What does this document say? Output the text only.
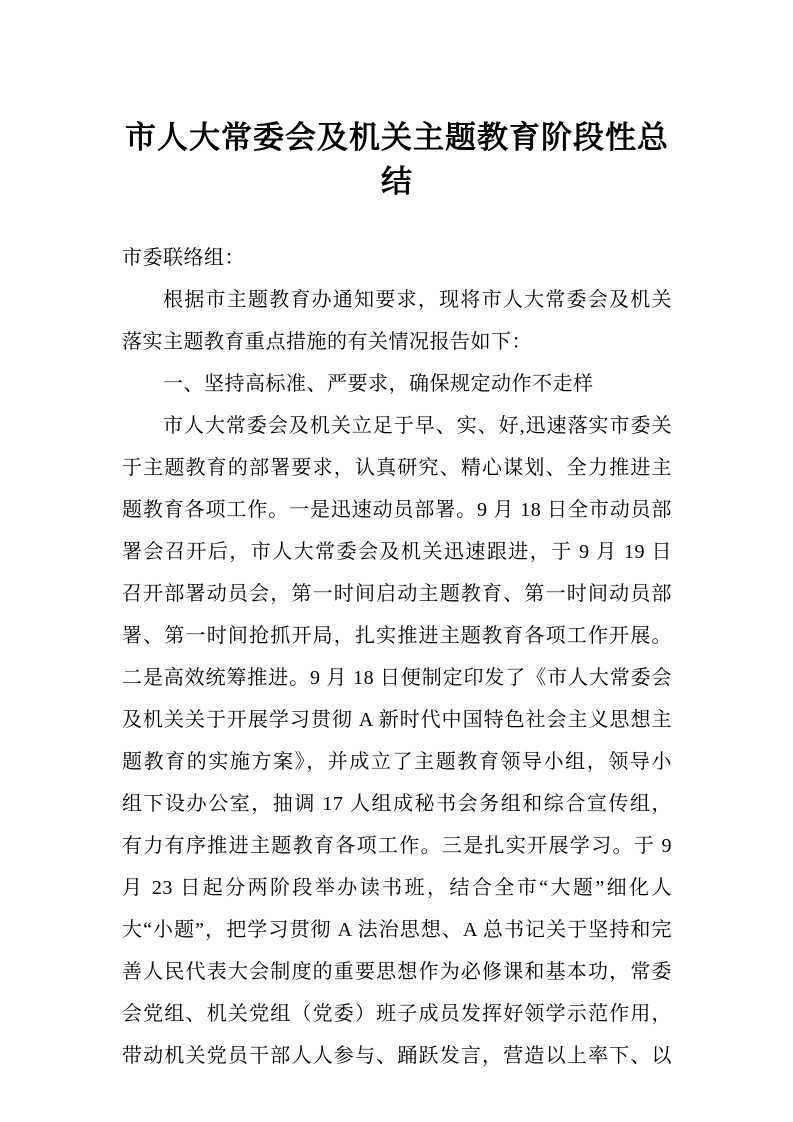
市人大常委会及机关主题教育阶段性总结
市委联络组：
根据市主题教育办通知要求，现将市人大常委会及机关
落实主题教育重点措施的有关情况报告如下：
一、坚持高标准、严要求，确保规定动作不走样
市人大常委会及机关立足于早、实、好,迅速落实市委关
于主题教育的部署要求，认真研究、精心谋划、全力推进主
题教育各项工作。一是迅速动员部署。9 月 18 日全市动员部
署会召开后，市人大常委会及机关迅速跟进，于 9 月 19 日
召开部署动员会，第一时间启动主题教育、第一时间动员部
署、第一时间抢抓开局，扎实推进主题教育各项工作开展。
二是高效统筹推进。9 月 18 日便制定印发了《市人大常委会
及机关关于开展学习贯彻 A 新时代中国特色社会主义思想主
题教育的实施方案》，并成立了主题教育领导小组，领导小
组下设办公室，抽调 17 人组成秘书会务组和综合宣传组，
有力有序推进主题教育各项工作。三是扎实开展学习。于 9
月 23 日起分两阶段举办读书班，结合全市“大题”细化人
大“小题”，把学习贯彻 A 法治思想、A 总书记关于坚持和完
善人民代表大会制度的重要思想作为必修课和基本功，常委
会党组、机关党组（党委）班子成员发挥好领学示范作用，
带动机关党员干部人人参与、踊跃发言，营造以上率下、以
